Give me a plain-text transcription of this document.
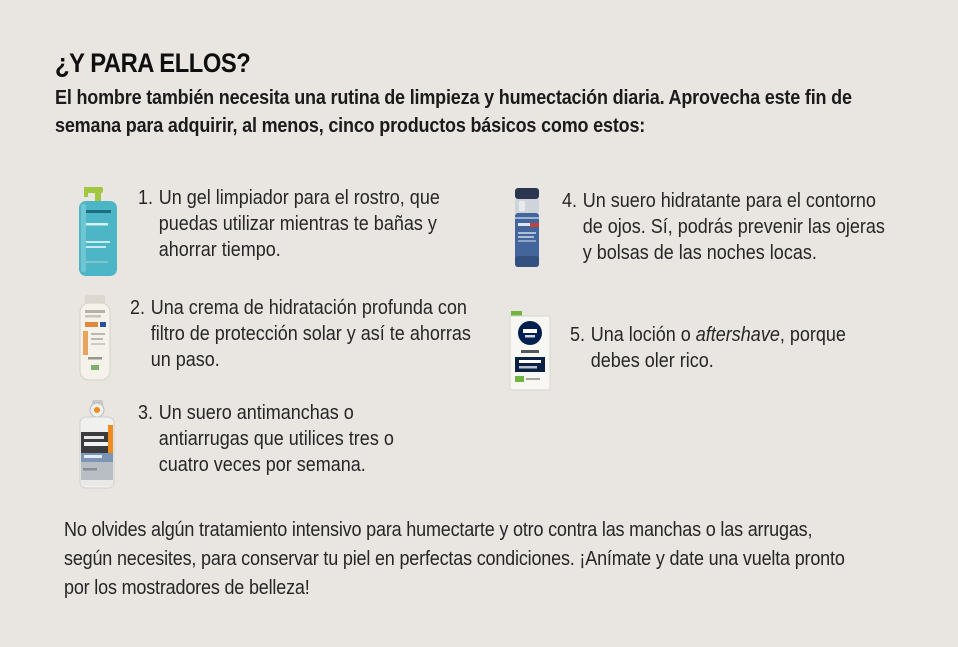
¿Y PARA ELLOS?

El hombre también necesita una rutina de limpieza y humectación diaria. Aprovecha este fin de semana para adquirir, al menos, cinco productos básicos como estos:

1. Un gel limpiador para el rostro, que puedas utilizar mientras te bañas y ahorrar tiempo.
2. Una crema de hidratación profunda con filtro de protección solar y así te ahorras un paso.
3. Un suero antimanchas o antiarrugas que utilices tres o cuatro veces por semana.
4. Un suero hidratante para el contorno de ojos. Sí, podrás prevenir las ojeras y bolsas de las noches locas.
5. Una loción o aftershave, porque debes oler rico.

No olvides algún tratamiento intensivo para humectarte y otro contra las manchas o las arrugas, según necesites, para conservar tu piel en perfectas condiciones. ¡Anímate y date una vuelta pronto por los mostradores de belleza!
